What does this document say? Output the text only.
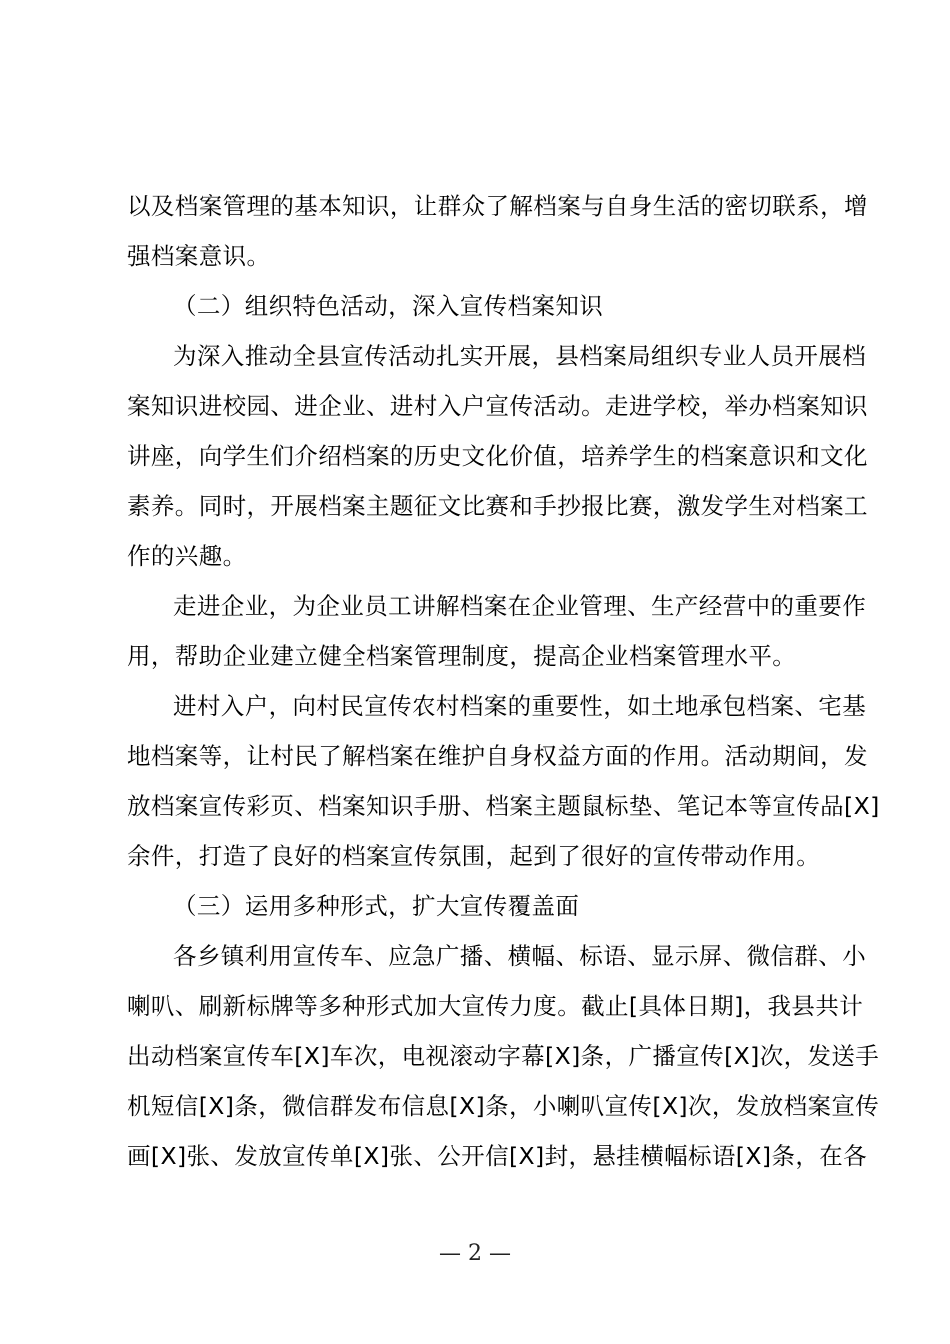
以及档案管理的基本知识，让群众了解档案与自身生活的密切联系，增
强档案意识。
（二）组织特色活动，深入宣传档案知识
为深入推动全县宣传活动扎实开展，县档案局组织专业人员开展档
案知识进校园、进企业、进村入户宣传活动。走进学校，举办档案知识
讲座，向学生们介绍档案的历史文化价值，培养学生的档案意识和文化
素养。同时，开展档案主题征文比赛和手抄报比赛，激发学生对档案工
作的兴趣。
走进企业，为企业员工讲解档案在企业管理、生产经营中的重要作
用，帮助企业建立健全档案管理制度，提高企业档案管理水平。
进村入户，向村民宣传农村档案的重要性，如土地承包档案、宅基
地档案等，让村民了解档案在维护自身权益方面的作用。活动期间，发
放档案宣传彩页、档案知识手册、档案主题鼠标垫、笔记本等宣传品[X]
余件，打造了良好的档案宣传氛围，起到了很好的宣传带动作用。
（三）运用多种形式，扩大宣传覆盖面
各乡镇利用宣传车、应急广播、横幅、标语、显示屏、微信群、小
喇叭、刷新标牌等多种形式加大宣传力度。截止[具体日期]，我县共计
出动档案宣传车[X]车次，电视滚动字幕[X]条，广播宣传[X]次，发送手
机短信[X]条，微信群发布信息[X]条，小喇叭宣传[X]次，发放档案宣传
画[X]张、发放宣传单[X]张、公开信[X]封，悬挂横幅标语[X]条，在各
— 2 —
